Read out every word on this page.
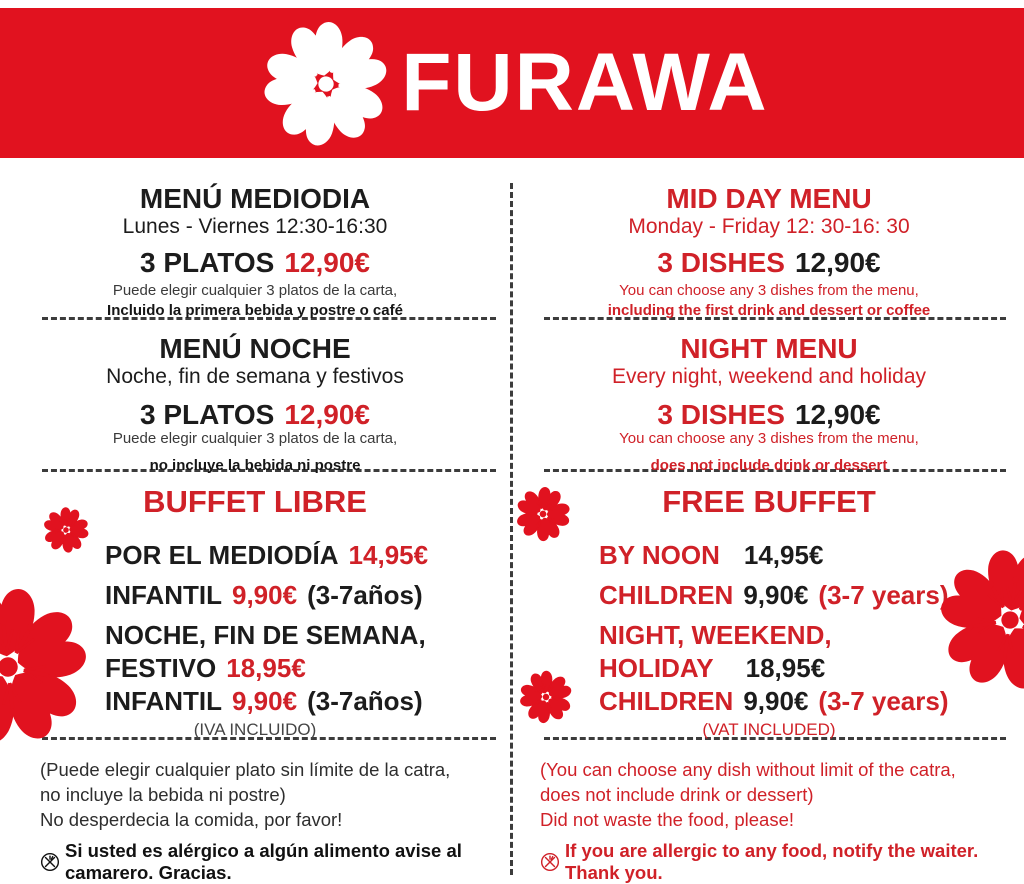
FURAWA
MENÚ MEDIODIA
Lunes - Viernes 12:30-16:30
3 PLATOS 12,90€
Puede elegir cualquier 3 platos de la carta,
Incluido la primera bebida y postre o café
MENÚ NOCHE
Noche, fin de semana y festivos
3 PLATOS 12,90€
Puede elegir cualquier 3 platos de la carta,
no incluye la bebida ni postre
BUFFET LIBRE
POR EL MEDIODÍA 14,95€
INFANTIL 9,90€ (3-7años)
NOCHE, FIN DE SEMANA,
FESTIVO 18,95€
INFANTIL 9,90€ (3-7años)
(IVA INCLUIDO)
(Puede elegir cualquier plato sin límite de la catra,
no incluye la bebida ni postre)
No desperdecia la comida, por favor!
Si usted es alérgico a algún alimento avise al camarero. Gracias.
MID DAY MENU
Monday - Friday 12: 30-16: 30
3 DISHES 12,90€
You can choose any 3 dishes from the menu,
including the first drink and dessert or coffee
NIGHT MENU
Every night, weekend and holiday
3 DISHES 12,90€
You can choose any 3 dishes from the menu,
does not include drink or dessert
FREE BUFFET
BY NOON 14,95€
CHILDREN 9,90€ (3-7 years)
NIGHT, WEEKEND,
HOLIDAY 18,95€
CHILDREN 9,90€ (3-7 years)
(VAT INCLUDED)
(You can choose any dish without limit of the catra,
does not include drink or dessert)
Did not waste the food, please!
If you are allergic to any food, notify the waiter. Thank you.
